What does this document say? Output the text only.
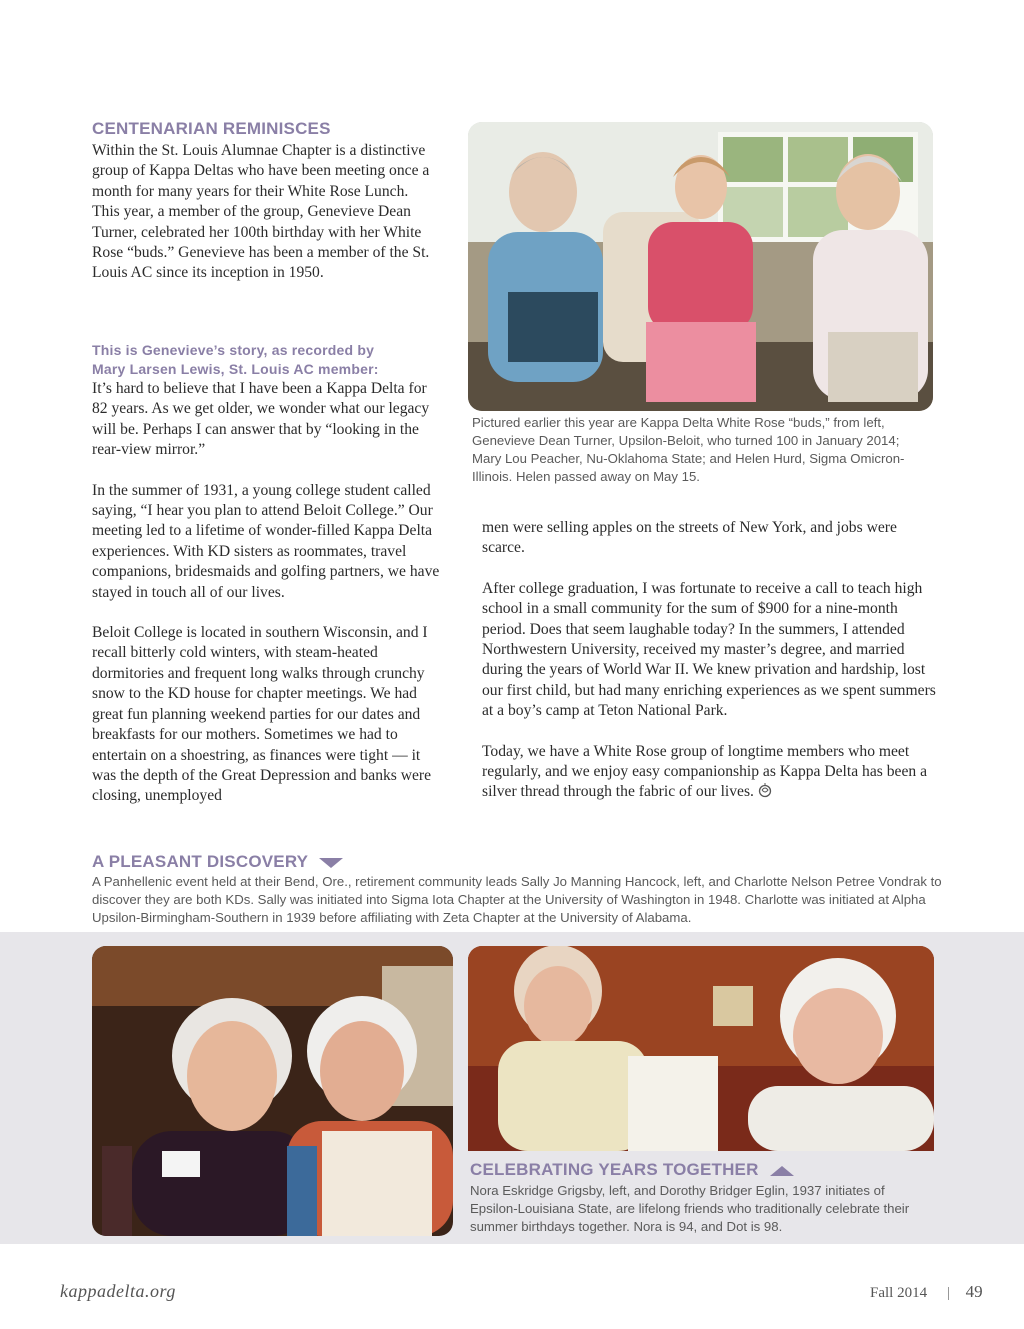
CENTENARIAN REMINISCES

Within the St. Louis Alumnae Chapter is a distinctive group of Kappa Deltas who have been meeting once a month for many years for their White Rose Lunch. This year, a member of the group, Genevieve Dean Turner, celebrated her 100th birthday with her White Rose “buds.” Genevieve has been a member of the St. Louis AC since its inception in 1950.

This is Genevieve’s story, as recorded by
Mary Larsen Lewis, St. Louis AC member:

It’s hard to believe that I have been a Kappa Delta for 82 years. As we get older, we wonder what our legacy will be. Perhaps I can answer that by “looking in the rear-view mirror.”

In the summer of 1931, a young college student called saying, “I hear you plan to attend Beloit College.” Our meeting led to a lifetime of wonder-filled Kappa Delta experiences. With KD sisters as roommates, travel companions, bridesmaids and golfing partners, we have stayed in touch all of our lives.

Beloit College is located in southern Wisconsin, and I recall bitterly cold winters, with steam-heated dormitories and frequent long walks through crunchy snow to the KD house for chapter meetings. We had great fun planning weekend parties for our dates and breakfasts for our mothers. Sometimes we had to entertain on a shoestring, as finances were tight — it was the depth of the Great Depression and banks were closing, unemployed

Pictured earlier this year are Kappa Delta White Rose “buds,” from left, Genevieve Dean Turner, Upsilon-Beloit, who turned 100 in January 2014; Mary Lou Peacher, Nu-Oklahoma State; and Helen Hurd, Sigma Omicron-Illinois. Helen passed away on May 15.

men were selling apples on the streets of New York, and jobs were scarce.

After college graduation, I was fortunate to receive a call to teach high school in a small community for the sum of $900 for a nine-month period. Does that seem laughable today? In the summers, I attended Northwestern University, received my master’s degree, and married during the years of World War II. We knew privation and hardship, lost our first child, but had many enriching experiences as we spent summers at a boy’s camp at Teton National Park.

Today, we have a White Rose group of longtime members who meet regularly, and we enjoy easy companionship as Kappa Delta has been a silver thread through the fabric of our lives.

A PLEASANT DISCOVERY
A Panhellenic event held at their Bend, Ore., retirement community leads Sally Jo Manning Hancock, left, and Charlotte Nelson Petree Vondrak to discover they are both KDs. Sally was initiated into Sigma Iota Chapter at the University of Washington in 1948. Charlotte was initiated at Alpha Upsilon-Birmingham-Southern in 1939 before affiliating with Zeta Chapter at the University of Alabama.
CELEBRATING YEARS TOGETHER
Nora Eskridge Grigsby, left, and Dorothy Bridger Eglin, 1937 initiates of Epsilon-Louisiana State, are lifelong friends who traditionally celebrate their summer birthdays together. Nora is 94, and Dot is 98.
kappadelta.org	Fall 2014 | 49
